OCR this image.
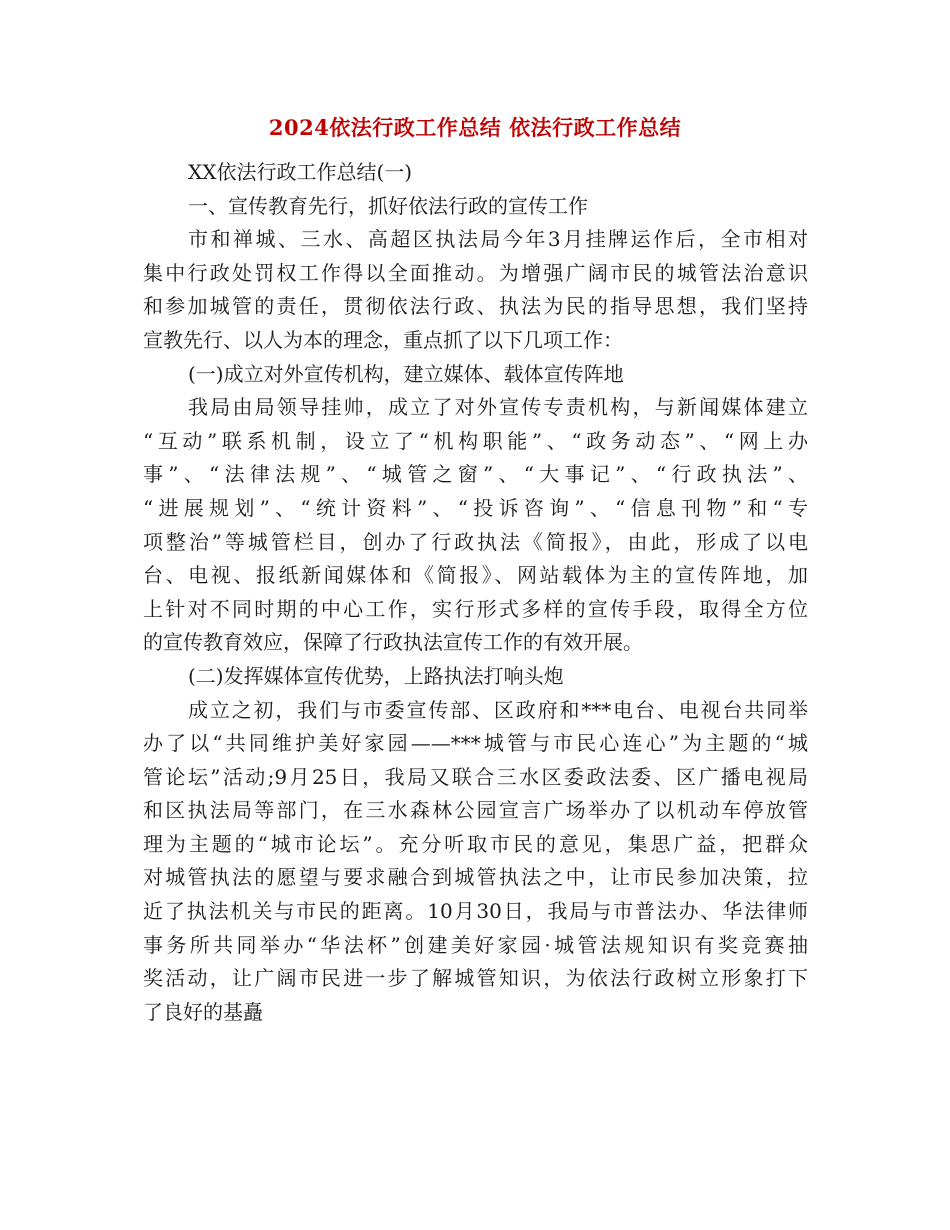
2024依法行政工作总结 依法行政工作总结
XX依法行政工作总结(一)
一、宣传教育先行，抓好依法行政的宣传工作
市和禅城、三水、高超区执法局今年3月挂牌运作后，全市相对
集中行政处罚权工作得以全面推动。为增强广阔市民的城管法治意识
和参加城管的责任，贯彻依法行政、执法为民的指导思想，我们坚持
宣教先行、以人为本的理念，重点抓了以下几项工作：
(一)成立对外宣传机构，建立媒体、载体宣传阵地
我局由局领导挂帅，成立了对外宣传专责机构，与新闻媒体建立
“互动”联系机制，设立了“机构职能”、“政务动态”、“网上办
事”、“法律法规”、“城管之窗”、“大事记”、“行政执法”、
“进展规划”、“统计资料”、“投诉咨询”、“信息刊物”和“专
项整治”等城管栏目，创办了行政执法《简报》，由此，形成了以电
台、电视、报纸新闻媒体和《简报》、网站载体为主的宣传阵地，加
上针对不同时期的中心工作，实行形式多样的宣传手段，取得全方位
的宣传教育效应，保障了行政执法宣传工作的有效开展。
(二)发挥媒体宣传优势，上路执法打响头炮
成立之初，我们与市委宣传部、区政府和***电台、电视台共同举
办了以“共同维护美好家园——***城管与市民心连心”为主题的“城
管论坛”活动;9月25日，我局又联合三水区委政法委、区广播电视局
和区执法局等部门，在三水森林公园宣言广场举办了以机动车停放管
理为主题的“城市论坛”。充分听取市民的意见，集思广益，把群众
对城管执法的愿望与要求融合到城管执法之中，让市民参加决策，拉
近了执法机关与市民的距离。10月30日，我局与市普法办、华法律师
事务所共同举办“华法杯”创建美好家园·城管法规知识有奖竞赛抽
奖活动，让广阔市民进一步了解城管知识，为依法行政树立形象打下
了良好的基矗
